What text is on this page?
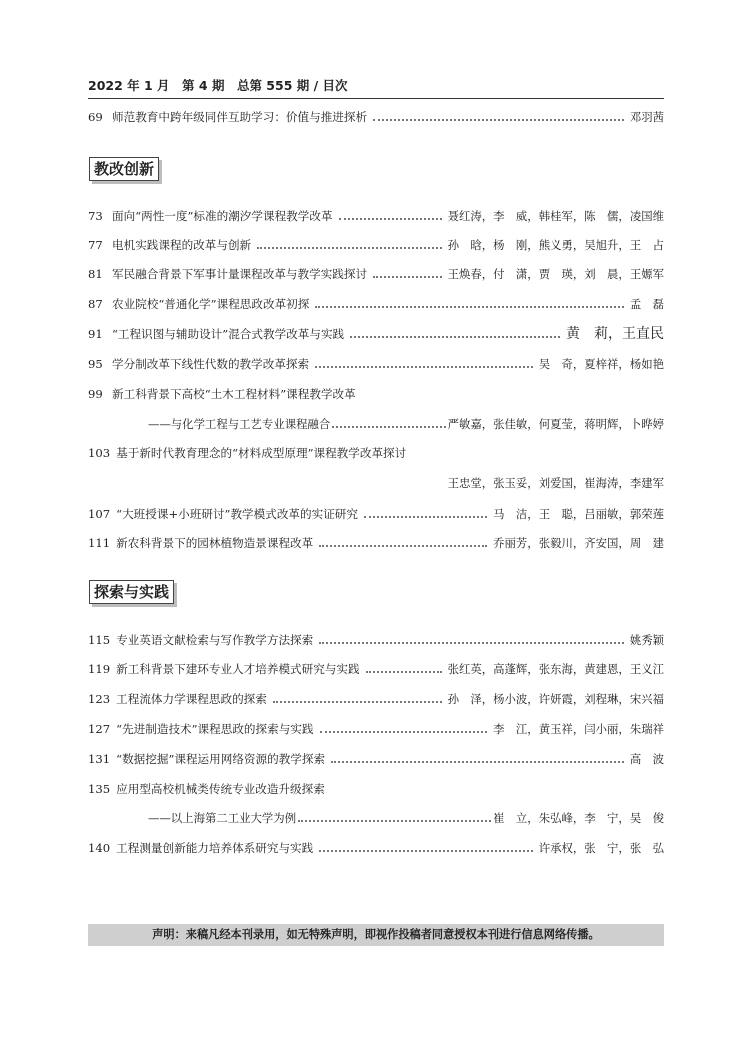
2022 年 1 月　第 4 期　总第 555 期 / 目次
69 师范教育中跨年级同伴互助学习：价值与推进探析	邓羽茜
教改创新
73 面向“两性一度”标准的潮汐学课程教学改革	聂红涛，李　威，韩桂军，陈　儒，凌国维
77 电机实践课程的改革与创新	孙　晗，杨　刚，熊义勇，吴旭升，王　占
81 军民融合背景下军事计量课程改革与教学实践探讨	王焕春，付　潇，贾　瑛，刘　晨，王嫄军
87 农业院校“普通化学”课程思政改革初探	孟　磊
91 “工程识图与辅助设计”混合式教学改革与实践	黄　莉，王直民
95 学分制改革下线性代数的教学改革探索	吴　奇，夏梓祥，杨如艳
99 新工科背景下高校“土木工程材料”课程教学改革
——与化学工程与工艺专业课程融合	严敏嘉，张佳敏，何夏莹，蒋明辉，卜晔婷
103 基于新时代教育理念的“材料成型原理”课程教学改革探讨
王忠堂，张玉妥，刘爱国，崔海涛，李建军
107 “大班授课+小班研讨”教学模式改革的实证研究	马　洁，王　聪，吕丽敏，郭荣莲
111 新农科背景下的园林植物造景课程改革	乔丽芳，张毅川，齐安国，周　建
探索与实践
115 专业英语文献检索与写作教学方法探索	姚秀颖
119 新工科背景下建环专业人才培养模式研究与实践	张红英，高蓬辉，张东海，黄建恩，王义江
123 工程流体力学课程思政的探索	孙　泽，杨小波，许妍霞，刘程琳，宋兴福
127 “先进制造技术”课程思政的探索与实践	李　江，黄玉祥，闫小丽，朱瑞祥
131 “数据挖掘”课程运用网络资源的教学探索	高　波
135 应用型高校机械类传统专业改造升级探索
——以上海第二工业大学为例	崔　立，朱弘峰，李　宁，吴　俊
140 工程测量创新能力培养体系研究与实践	许承权，张　宁，张　弘
声明：来稿凡经本刊录用，如无特殊声明，即视作投稿者同意授权本刊进行信息网络传播。
